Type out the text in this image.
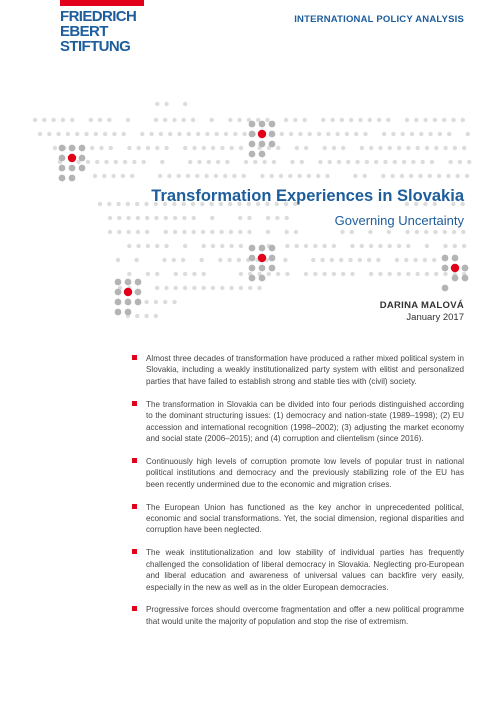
FRIEDRICH
EBERT
STIFTUNG
INTERNATIONAL POLICY ANALYSIS
Transformation Experiences in Slovakia
Governing Uncertainty
DARINA MALOVÁ
January 2017
Almost three decades of transformation have produced a rather mixed political system in Slovakia, including a weakly institutionalized party system with elitist and personalized parties that have failed to establish strong and stable ties with (civil) society.
The transformation in Slovakia can be divided into four periods distinguished according to the dominant structuring issues: (1) democracy and nation-state (1989–1998); (2) EU accession and international recognition (1998–2002); (3) adjusting the market economy and social state (2006–2015); and (4) corruption and clientelism (since 2016).
Continuously high levels of corruption promote low levels of popular trust in national political institutions and democracy and the previously stabilizing role of the EU has been recently undermined due to the economic and migration crises.
The European Union has functioned as the key anchor in unprecedented political, economic and social transformations. Yet, the social dimension, regional disparities and corruption have been neglected.
The weak institutionalization and low stability of individual parties has frequently challenged the consolidation of liberal democracy in Slovakia. Neglecting pro-European and liberal education and awareness of universal values can backfire very easily, especially in the new as well as in the older European democracies.
Progressive forces should overcome fragmentation and offer a new political programme that would unite the majority of population and stop the rise of extremism.
